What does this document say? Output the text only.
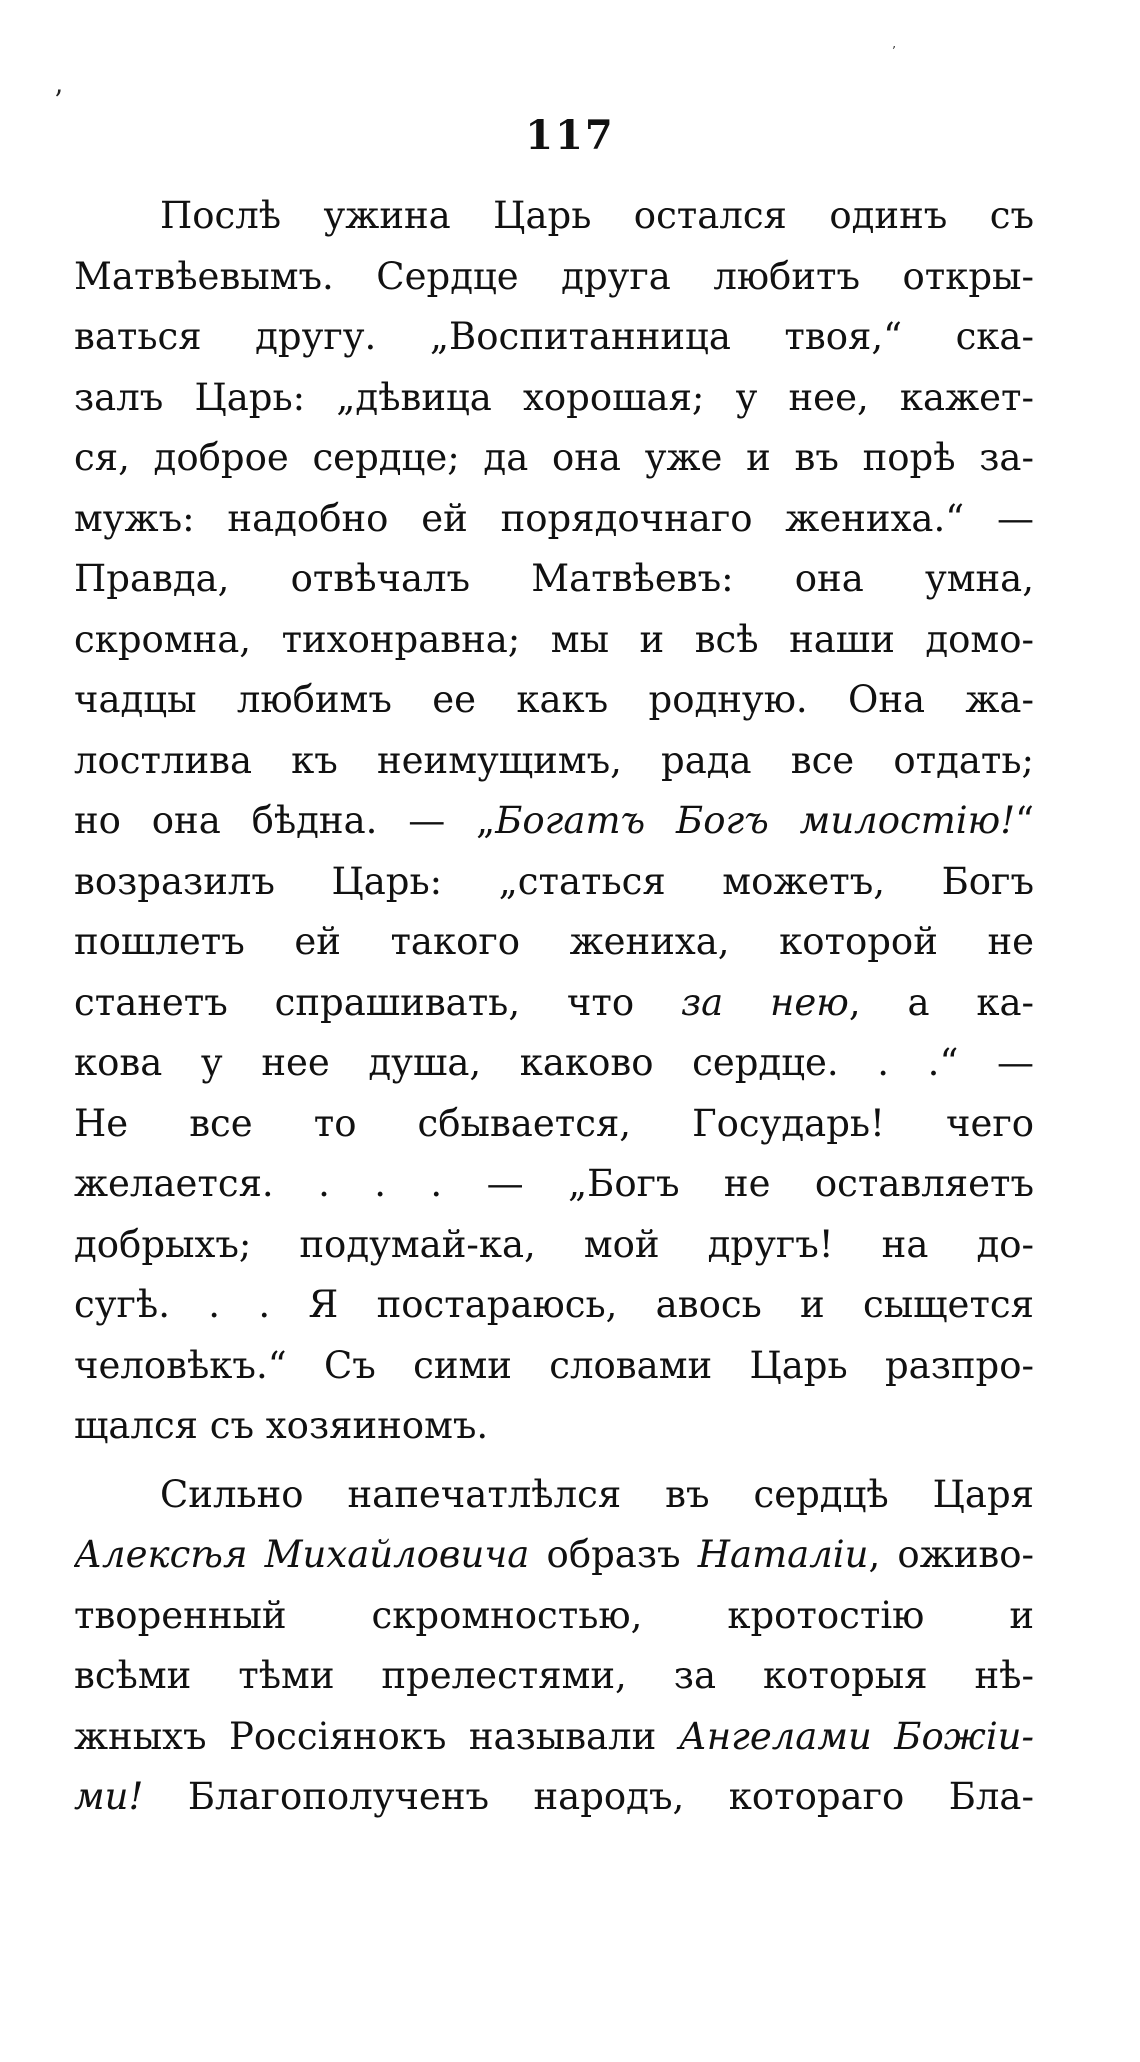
’
’
117
Послѣ ужина Царь остался одинъ съ
Матвѣевымъ. Сердце друга любитъ откры-
ваться другу. „Воспитанница твоя,“ ска-
залъ Царь: „дѣвица хорошая; у нее, кажет-
ся, доброе сердце; да она уже и въ порѣ за-
мужъ: надобно ей порядочнаго жениха.“ —
Правда, отвѣчалъ Матвѣевъ: она умна,
скромна, тихонравна; мы и всѣ наши домо-
чадцы любимъ ее какъ родную. Она жа-
лостлива къ неимущимъ, рада все отдать;
но она бѣдна. — „Богатъ Богъ милостію!“
возразилъ Царь: „статься можетъ, Богъ
пошлетъ ей такого жениха, которой не
станетъ спрашивать, что за нею, а ка-
кова у нее душа, каково сердце. . .“ —
Не все то сбывается, Государь! чего
желается. . . . — „Богъ не оставляетъ
добрыхъ; подумай-ка, мой другъ! на до-
сугѣ. . . Я постараюсь, авось и сыщется
человѣкъ.“ Съ сими словами Царь разпро-
щался съ хозяиномъ.
Сильно напечатлѣлся въ сердцѣ Царя
Алексѣя Михайловича образъ Наталіи, оживо-
творенный скромностью, кротостію и
всѣми тѣми прелестями, за которыя нѣ-
жныхъ Россіянокъ называли Ангелами Божіи-
ми! Благополученъ народъ, котораго Бла-
